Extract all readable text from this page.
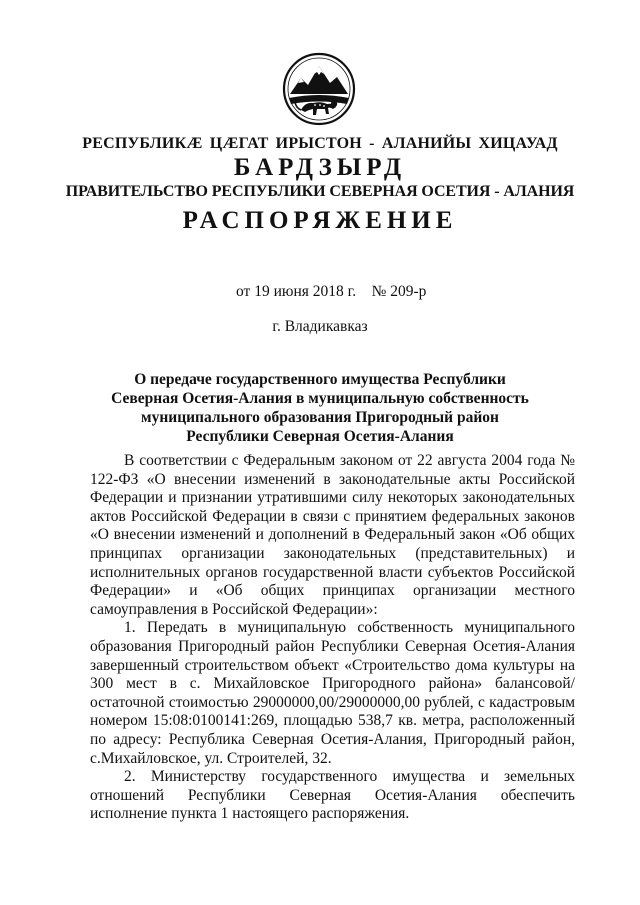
РЕСПУБЛИКÆ ЦÆГАТ ИРЫСТОН - АЛАНИЙЫ ХИЦАУАД
БАРДЗЫРД
ПРАВИТЕЛЬСТВО РЕСПУБЛИКИ СЕВЕРНАЯ ОСЕТИЯ - АЛАНИЯ
РАСПОРЯЖЕНИЕ
от 19 июня 2018 г. № 209-р
г. Владикавказ
О передаче государственного имущества Республики Северная Осетия-Алания в муниципальную собственность муниципального образования Пригородный район Республики Северная Осетия-Алания

В соответствии с Федеральным законом от 22 августа 2004 года № 122-ФЗ «О внесении изменений в законодательные акты Российской Федерации и признании утратившими силу некоторых законодательных актов Российской Федерации в связи с принятием федеральных законов «О внесении изменений и дополнений в Федеральный закон «Об общих принципах организации законодательных (представительных) и исполнительных органов государственной власти субъектов Российской Федерации» и «Об общих принципах организации местного самоуправления в Российской Федерации»:

1. Передать в муниципальную собственность муниципального образования Пригородный район Республики Северная Осетия-Алания завершенный строительством объект «Строительство дома культуры на 300 мест в с. Михайловское Пригородного района» балансовой/остаточной стоимостью 29000000,00/29000000,00 рублей, с кадастровым номером 15:08:0100141:269, площадью 538,7 кв. метра, расположенный по адресу: Республика Северная Осетия-Алания, Пригородный район, с.Михайловское, ул. Строителей, 32.

2. Министерству государственного имущества и земельных отношений Республики Северная Осетия-Алания обеспечить исполнение пункта 1 настоящего распоряжения.
